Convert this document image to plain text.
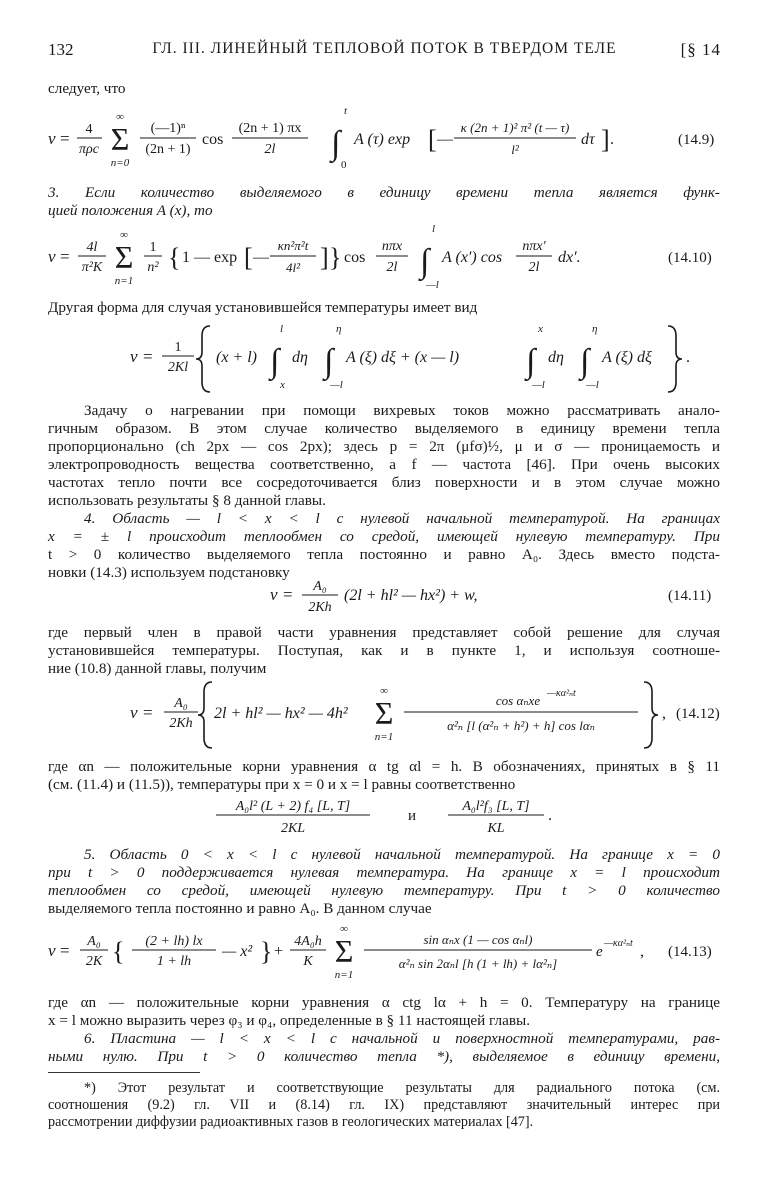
132	ГЛ. III. ЛИНЕЙНЫЙ ТЕПЛОВОЙ ПОТОК В ТВЕРДОМ ТЕЛЕ	[§ 14
следует, что
v = 4
πρc
∞
Σ
n=0
(—1)ⁿ
(2n + 1)
cos
(2n + 1) πx
2l
t
∫
0
A (τ) exp [ —
κ (2n + 1)² π² (t — τ)
l²
dτ ] .	(14.9)
3. Если количество выделяемого в единицу времени тепла является функ-
цией положения A (x), то
v = 4l
π²K
∞
Σ
n=1
1
n² { 1 — exp [ —
κn²π²t
4l² ] } cos
nπx
2l
l
∫
—l
A (x′) cos
nπx′
2l
dx′.	(14.10)
Другая форма для случая установившейся температуры имеет вид
v = 1
2Kl
(x + l)
l
∫
x
dη
η
∫
—l
A (ξ) dξ + (x — l)
x
∫
—l
dη
η
∫
—l
A (ξ) dξ .
Задачу о нагревании при помощи вихревых токов можно рассматривать анало-
гичным образом. В этом случае количество выделяемого в единицу времени тепла
пропорционально (ch 2px — cos 2px); здесь p = 2π (μfσ)½, μ и σ — проницаемость и
электропроводность вещества соответственно, а f — частота [46]. При очень высоких
частотах тепло почти все сосредоточивается близ поверхности и в этом случае можно
использовать результаты § 8 данной главы.
4. Область — l < x < l с нулевой начальной температурой. На границах
x = ± l происходит теплообмен со средой, имеющей нулевую температуру. При
t > 0 количество выделяемого тепла постоянно и равно A₀. Здесь вместо подста-
новки (14.3) используем подстановку
v = A₀
2Kh
(2l + hl² — hx²) + w,	(14.11)
где первый член в правой части уравнения представляет собой решение для случая
установившейся температуры. Поступая, как и в пункте 1, и используя соотноше-
ние (10.8) данной главы, получим
v = A₀
2Kh
2l + hl² — hx² — 4h²
∞
Σ
n=1
cos αₙxe —κα²ₙt
α²ₙ [l (α²ₙ + h²) + h] cos lαₙ
, (14.12)
где αn — положительные корни уравнения α tg αl = h. В обозначениях, принятых в § 11
(см. (11.4) и (11.5)), температуры при x = 0 и x = l равны соответственно
A₀l² (L + 2) f₄ [L, T]
2KL
и
A₀l²f₃ [L, T]
KL
.
5. Область 0 < x < l с нулевой начальной температурой. На границе x = 0
при t > 0 поддерживается нулевая температура. На границе x = l происходит
теплообмен со средой, имеющей нулевую температуру. При t > 0 количество
выделяемого тепла постоянно и равно A₀. В данном случае
v = A₀
2K { (2 + lh) lx
1 + lh
— x² } +
4A₀h
K
∞
Σ
n=1
sin αₙx (1 — cos αₙl)
α²ₙ sin 2αₙl [h (1 + lh) + lα²ₙ]
e
—κα²ₙt , (14.13)
где αn — положительные корни уравнения α ctg lα + h = 0. Температуру на границе
x = l можно выразить через φ₃ и φ₄, определенные в § 11 настоящей главы.
6. Пластина — l < x < l с начальной и поверхностной температурами, рав-
ными нулю. При t > 0 количество тепла *), выделяемое в единицу времени,
*) Этот результат и соответствующие результаты для радиального потока (см.
соотношения (9.2) гл. VII и (8.14) гл. IX) представляют значительный интерес при
рассмотрении диффузии радиоактивных газов в геологических материалах [47].
